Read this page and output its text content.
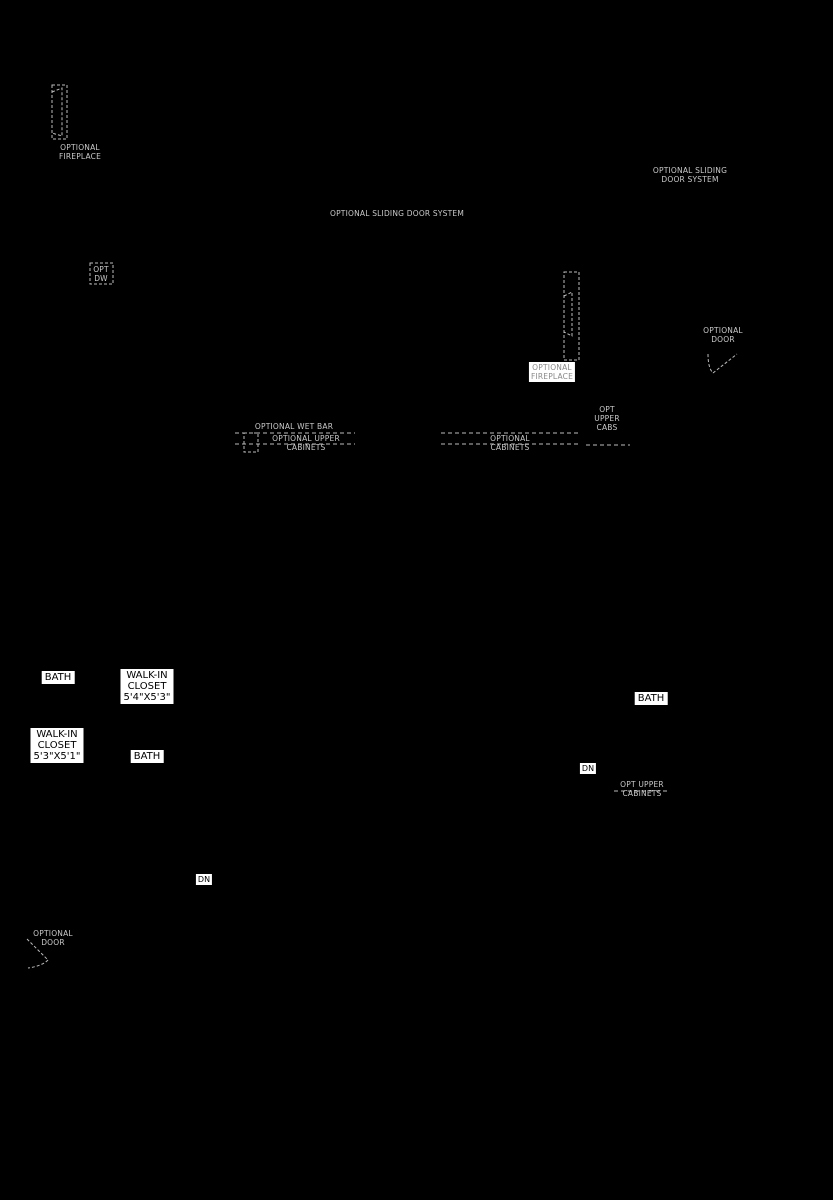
OPTIONAL
FIREPLACE
OPTIONAL SLIDING
DOOR SYSTEM
OPTIONAL SLIDING DOOR SYSTEM
OPT
DW
OPTIONAL
DOOR
OPTIONAL
FIREPLACE
OPT
UPPER
CABS
OPTIONAL WET BAR
OPTIONAL UPPER
CABINETS
OPTIONAL
CABINETS
OPT UPPER
CABINETS
OPTIONAL
DOOR
BATH	WALK-IN
CLOSET
5'4"X5'3"
WALK-IN
CLOSET
5'3"X5'1"	BATH
BATH
DN
DN
